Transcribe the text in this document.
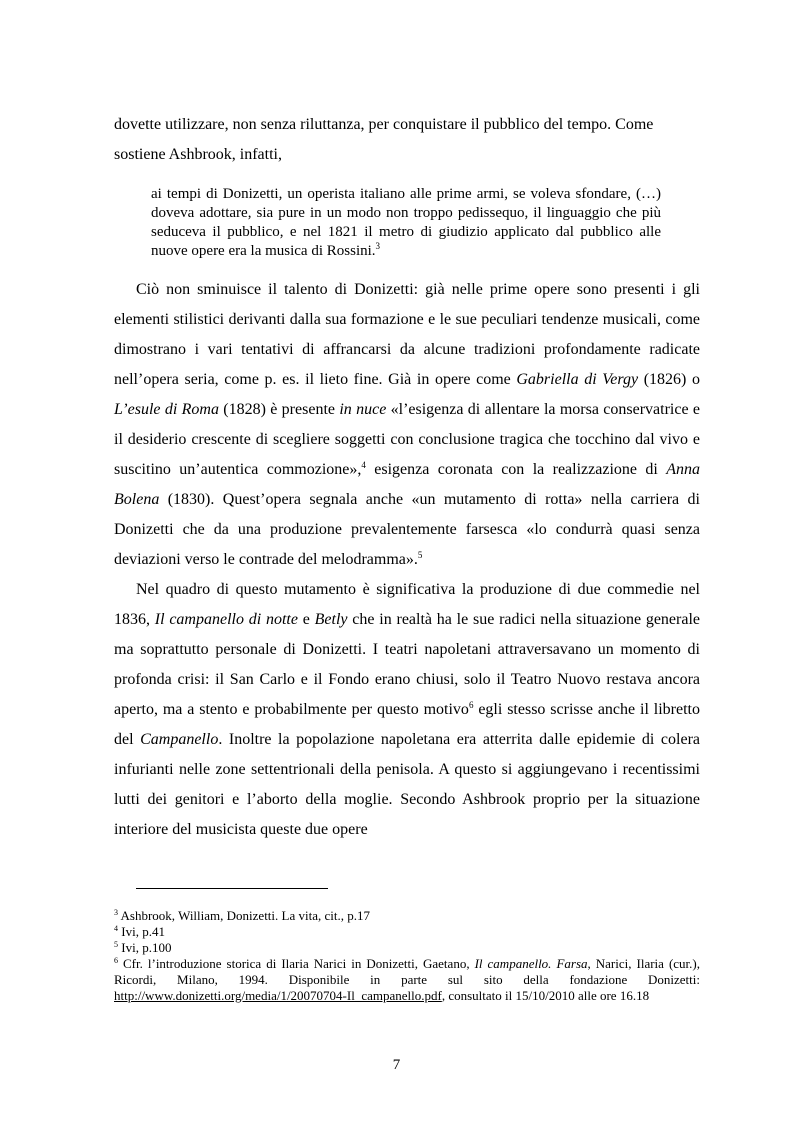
dovette utilizzare, non senza riluttanza, per conquistare il pubblico del tempo. Come

sostiene Ashbrook, infatti,

ai tempi di Donizetti, un operista italiano alle prime armi, se voleva sfondare, (…) doveva adottare, sia pure in un modo non troppo pedissequo, il linguaggio che più seduceva il pubblico, e nel 1821 il metro di giudizio applicato dal pubblico alle nuove opere era la musica di Rossini.$^3$

Ciò non sminuisce il talento di Donizetti: già nelle prime opere sono presenti i gli elementi stilistici derivanti dalla sua formazione e le sue peculiari tendenze musicali, come dimostrano i vari tentativi di affrancarsi da alcune tradizioni profondamente radicate nell’opera seria, come p. es. il lieto fine. Già in opere come Gabriella di Vergy (1826) o L’esule di Roma (1828) è presente in nuce «l’esigenza di allentare la morsa conservatrice e il desiderio crescente di scegliere soggetti con conclusione tragica che tocchino dal vivo e suscitino un’autentica commozione»,$^4$ esigenza coronata con la realizzazione di Anna Bolena (1830). Quest’opera segnala anche «un mutamento di rotta» nella carriera di Donizetti che da una produzione prevalentemente farsesca «lo condurrà quasi senza deviazioni verso le contrade del melodramma».$^5$

Nel quadro di questo mutamento è significativa la produzione di due commedie nel 1836, Il campanello di notte e Betly che in realtà ha le sue radici nella situazione generale ma soprattutto personale di Donizetti. I teatri napoletani attraversavano un momento di profonda crisi: il San Carlo e il Fondo erano chiusi, solo il Teatro Nuovo restava ancora aperto, ma a stento e probabilmente per questo motivo$^6$ egli stesso scrisse anche il libretto del Campanello. Inoltre la popolazione napoletana era atterrita dalle epidemie di colera infurianti nelle zone settentrionali della penisola. A questo si aggiungevano i recentissimi lutti dei genitori e l’aborto della moglie. Secondo Ashbrook proprio per la situazione interiore del musicista queste due opere

$^3$ Ashbrook, William, Donizetti. La vita, cit., p.17

$^4$ Ivi, p.41

$^5$ Ivi, p.100

$^6$ Cfr. l’introduzione storica di Ilaria Narici in Donizetti, Gaetano, Il campanello. Farsa, Narici, Ilaria (cur.), Ricordi, Milano, 1994. Disponibile in parte sul sito della fondazione Donizetti: http://www.donizetti.org/media/1/20070704-Il_campanello.pdf, consultato il 15/10/2010 alle ore 16.18

7
